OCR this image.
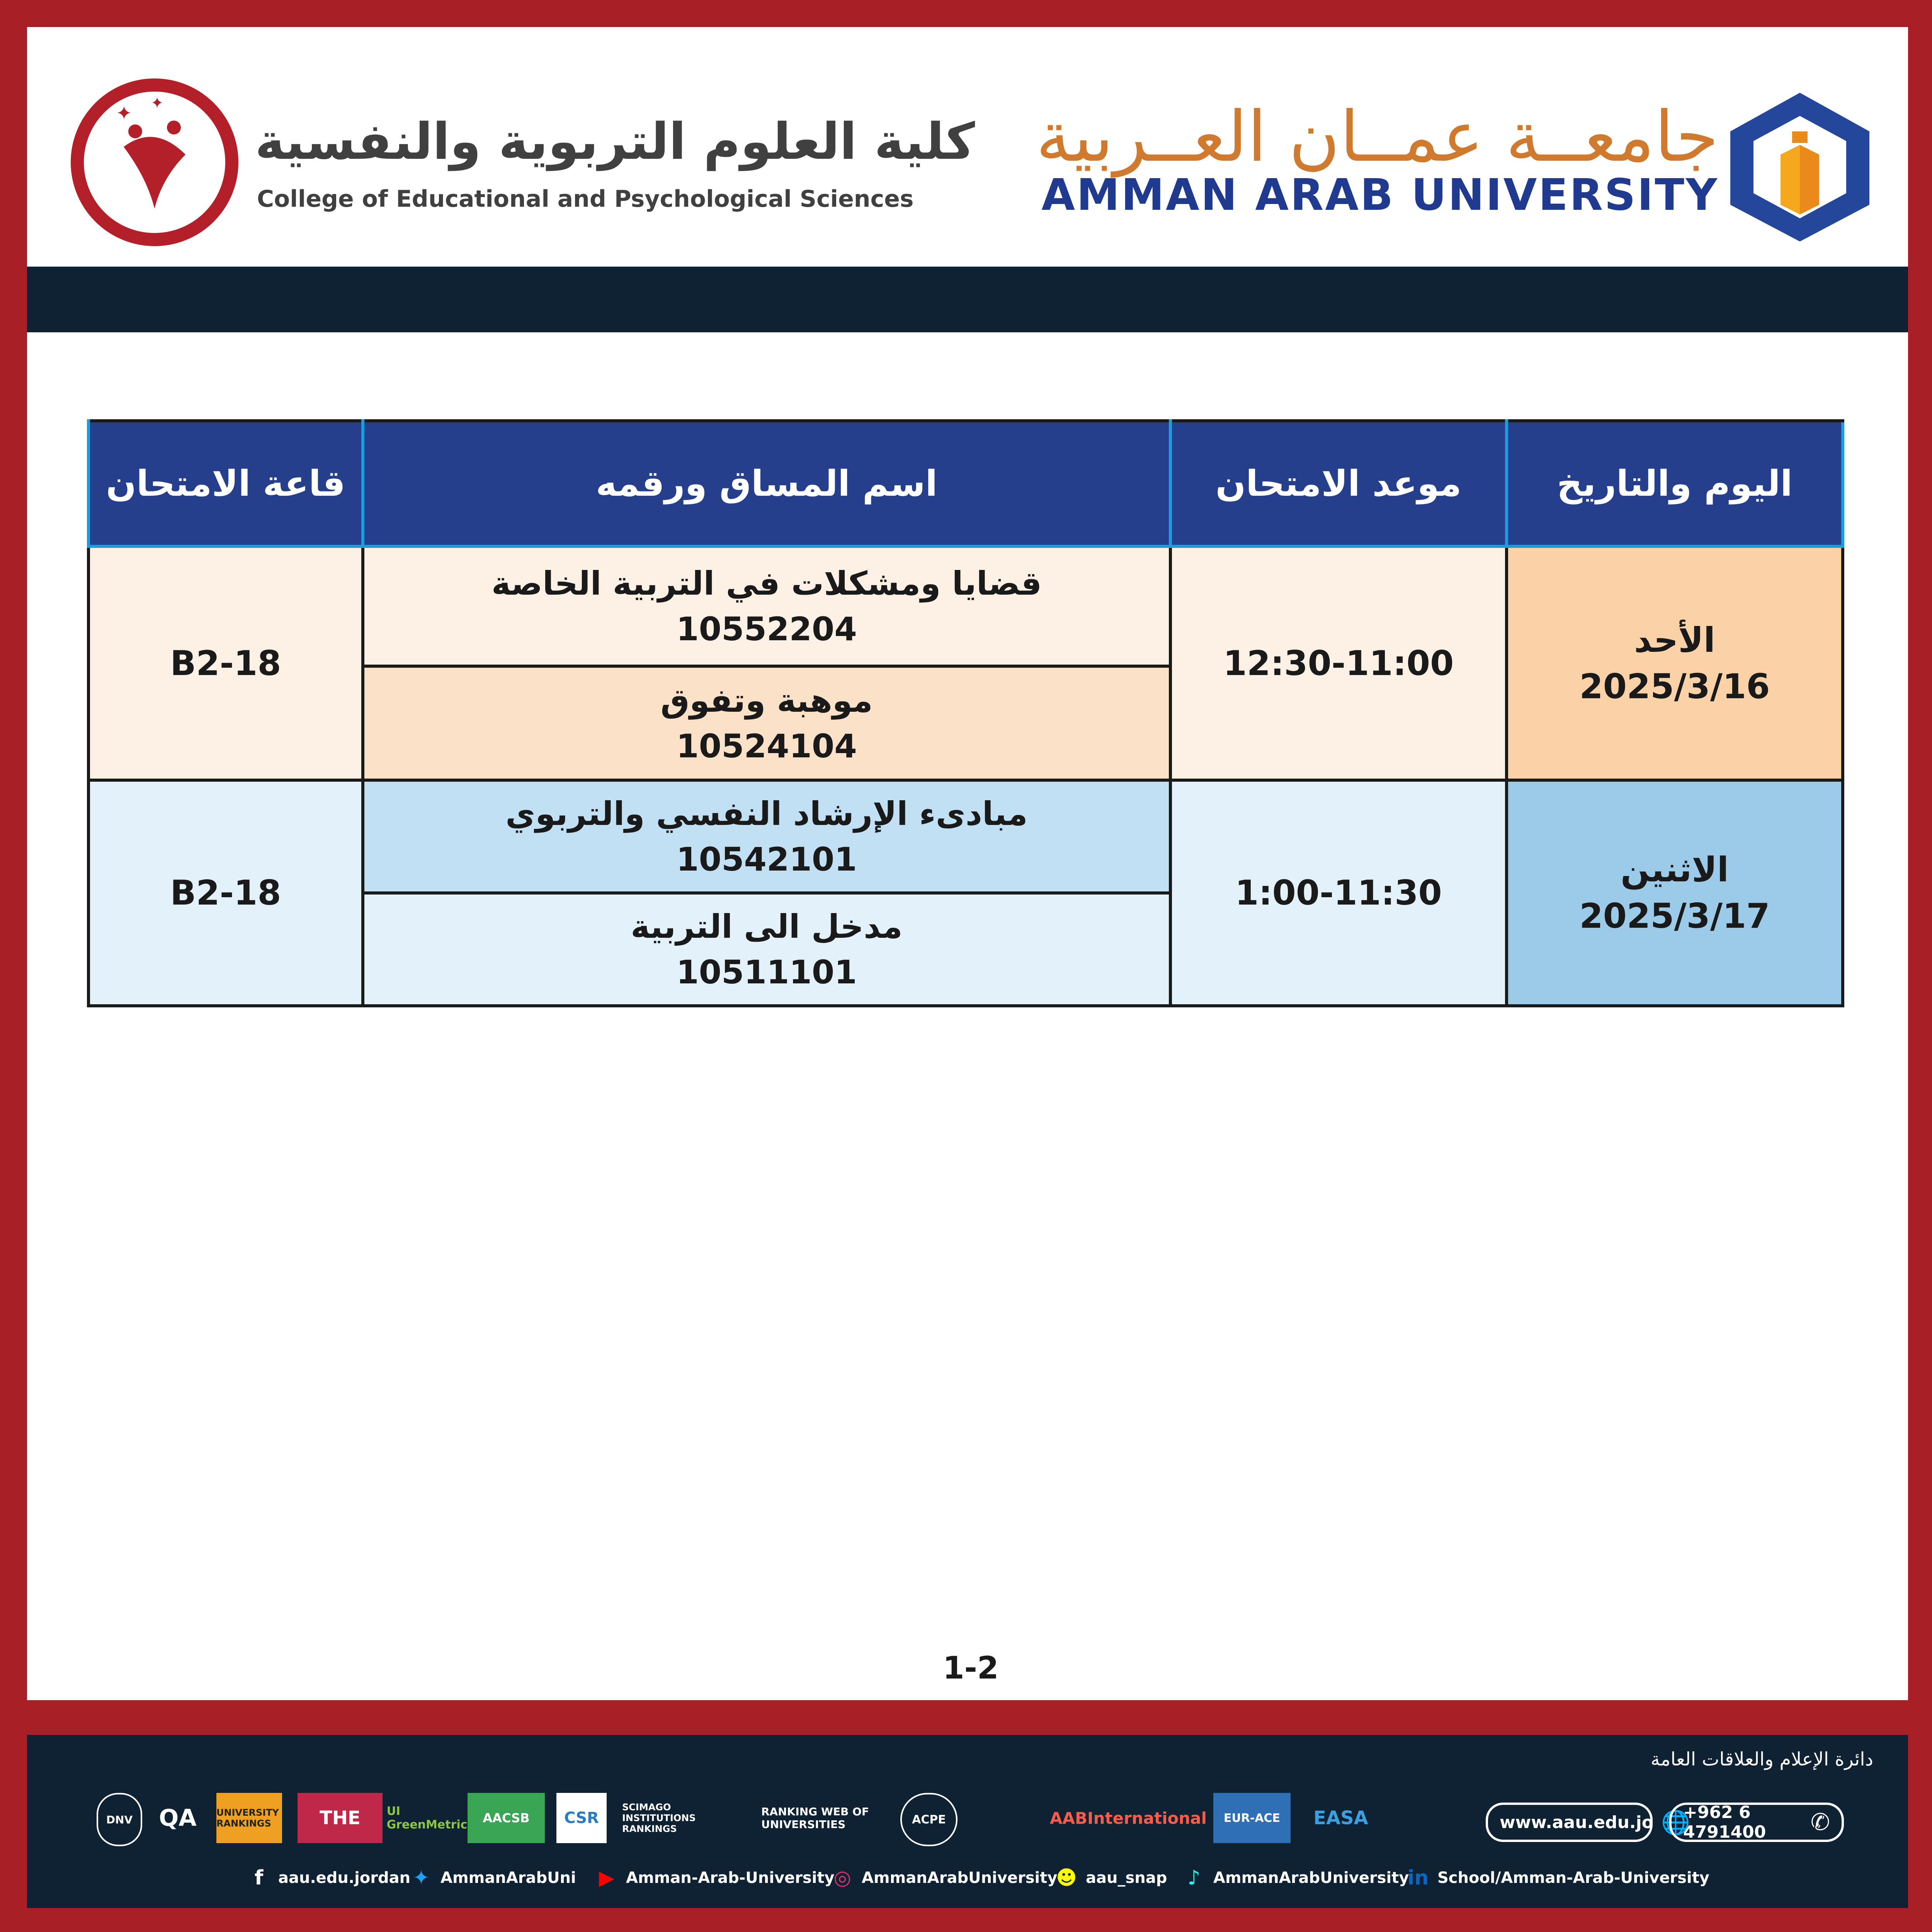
جامعــة عمــان العــربية
AMMAN ARAB UNIVERSITY
✦ ✦
كلية العلوم التربوية والنفسية
College of Educational and Psychological Sciences
اليوم والتاريخ	موعد الامتحان	اسم المساق ورقمه	قاعة الامتحان

الأحد
2025/3/16	12:30-11:00	قضايا ومشكلات في التربية الخاصة
10552204	B2-18

		موهبة وتفوق
10524104	

الاثنين
2025/3/17	1:00-11:30	مبادىء الإرشاد النفسي والتربوي
10542101	B2-18

		مدخل الى التربية
10511101	
1-2
دائرة الإعلام والعلاقات العامة
DNV	QA	UNIVERSITY RANKINGS	THE	UI GreenMetric	AACSB	CSR
SCIMAGO INSTITUTIONS RANKINGS
RANKING WEB OF UNIVERSITIES	ACPE	AABInternational	EUR-ACE	EASA	www.aau.edu.jo 🌐
+962 6 4791400	✆
f aau.edu.jordan ✦ AmmanArabUni ▶ Amman-Arab-University
◎ AmmanArabUniversity
☻ aau_snap ♪ AmmanArabUniversity
in School/Amman-Arab-University
